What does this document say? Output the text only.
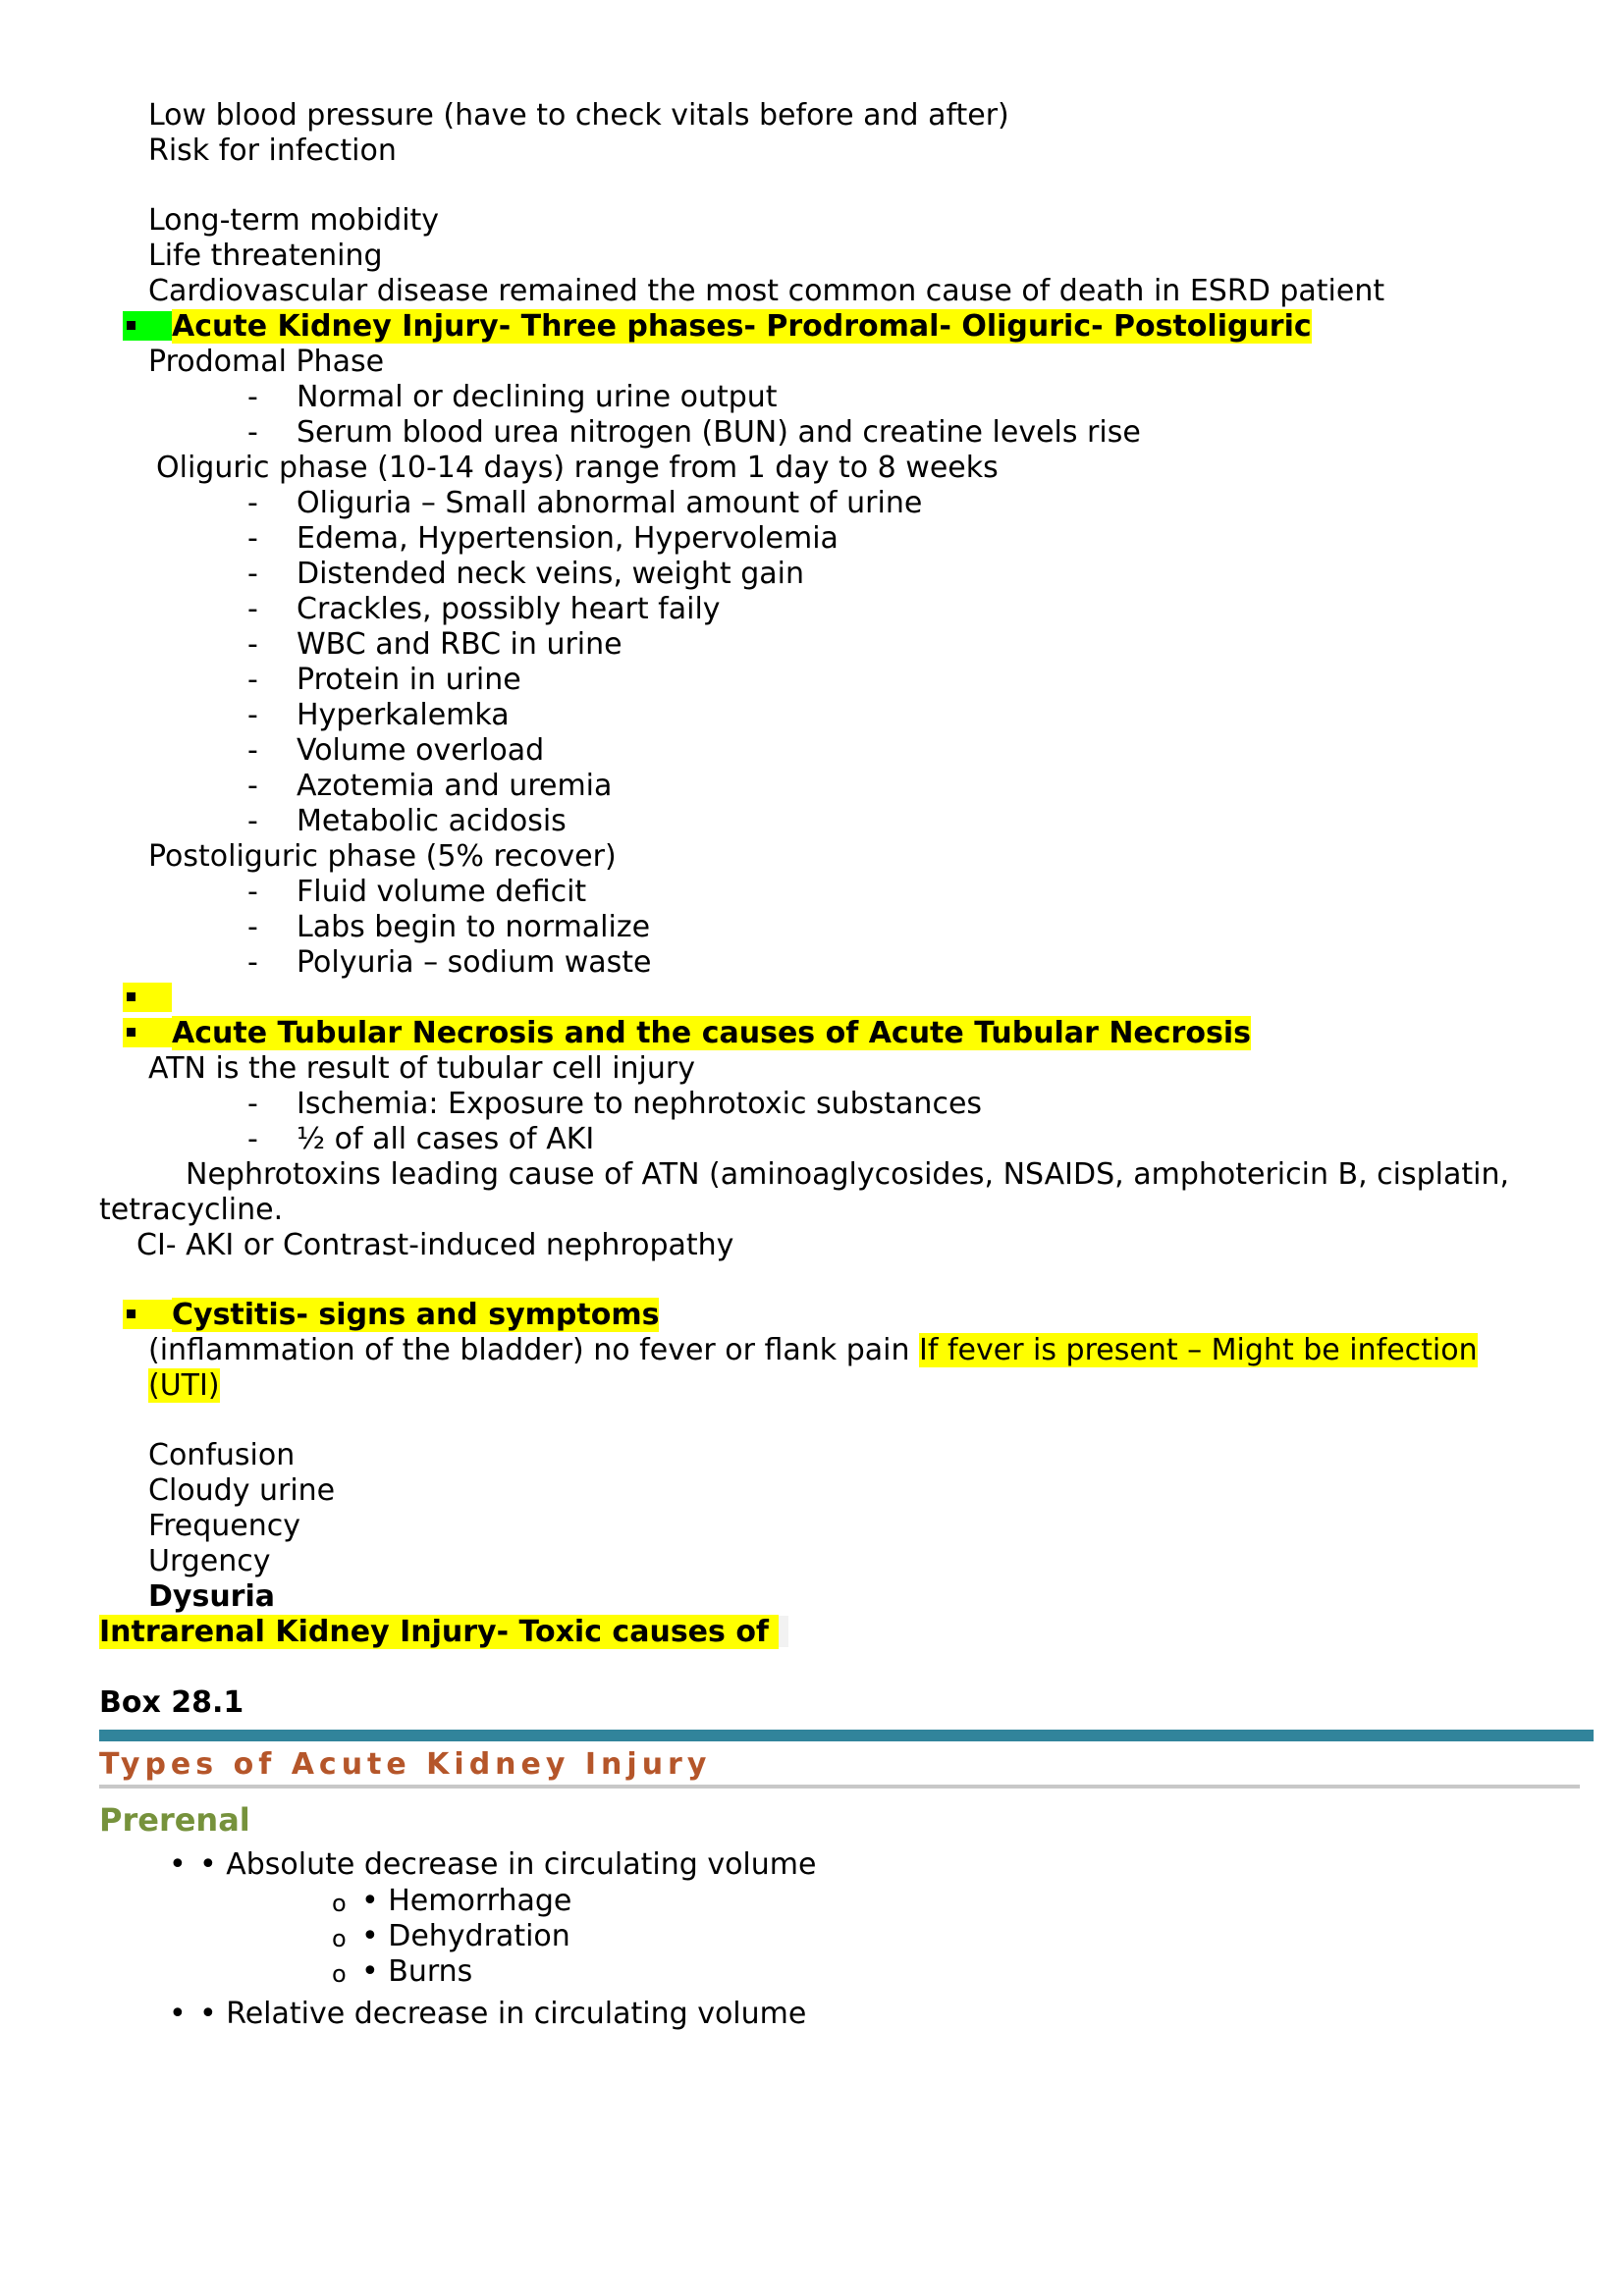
Low blood pressure (have to check vitals before and after)
Risk for infection
Long-term mobidity
Life threatening
Cardiovascular disease remained the most common cause of death in ESRD patient
Acute Kidney Injury- Three phases- Prodromal- Oliguric- Postoliguric
Prodomal Phase
- Normal or declining urine output
- Serum blood urea nitrogen (BUN) and creatine levels rise
Oliguric phase (10-14 days) range from 1 day to 8 weeks
- Oliguria – Small abnormal amount of urine
- Edema, Hypertension, Hypervolemia
- Distended neck veins, weight gain
- Crackles, possibly heart faily
- WBC and RBC in urine
- Protein in urine
- Hyperkalemka
- Volume overload
- Azotemia and uremia
- Metabolic acidosis
Postoliguric phase (5% recover)
- Fluid volume deficit
- Labs begin to normalize
- Polyuria – sodium waste
Acute Tubular Necrosis and the causes of Acute Tubular Necrosis
ATN is the result of tubular cell injury
- Ischemia: Exposure to nephrotoxic substances
- ½ of all cases of AKI
Nephrotoxins leading cause of ATN (aminoaglycosides, NSAIDS, amphotericin B, cisplatin,
tetracycline.
CI- AKI or Contrast-induced nephropathy
Cystitis- signs and symptoms
(inflammation of the bladder) no fever or flank pain If fever is present – Might be infection
(UTI)
Confusion
Cloudy urine
Frequency
Urgency
Dysuria
Intrarenal Kidney Injury- Toxic causes of
Box 28.1
Types of Acute Kidney Injury
Prerenal
• • Absolute decrease in circulating volume
o • Hemorrhage
o • Dehydration
o • Burns
• • Relative decrease in circulating volume
